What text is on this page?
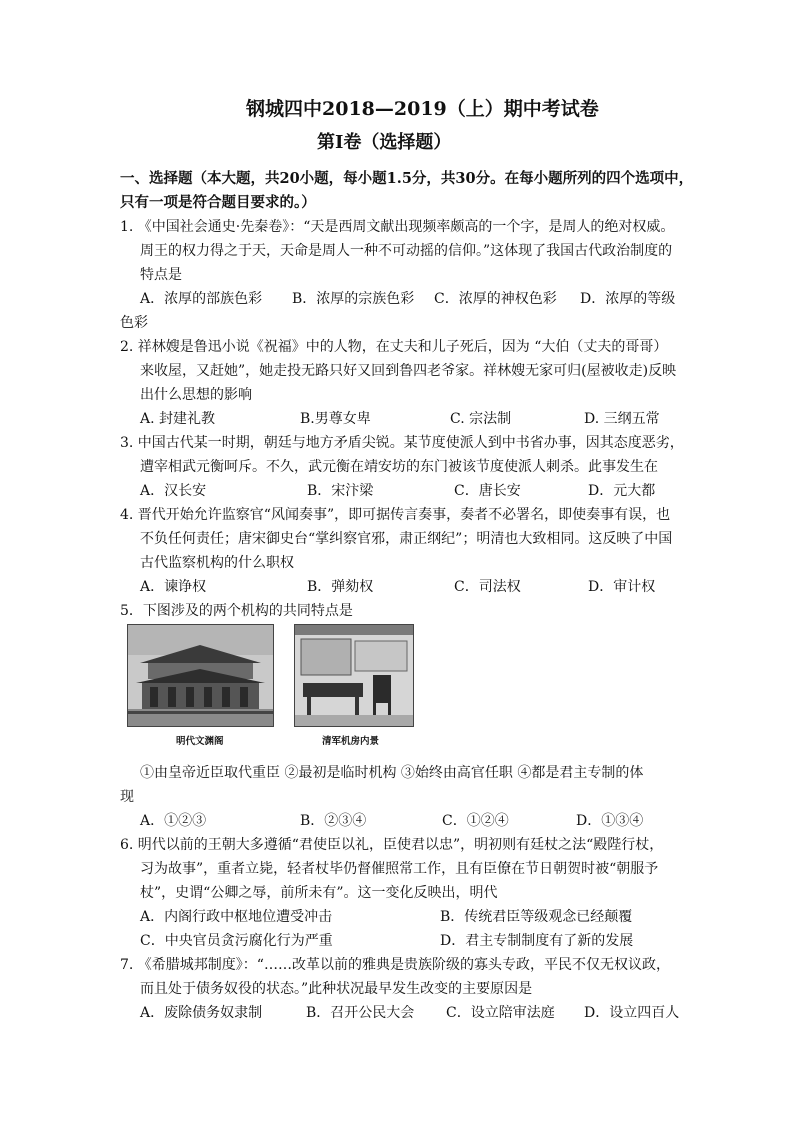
钢城四中2018—2019（上）期中考试卷
第Ⅰ卷（选择题）
一、选择题（本大题，共20小题，每小题1.5分，共30分。在每小题所列的四个选项中，
只有一项是符合题目要求的。）
1. 《中国社会通史·先秦卷》：“天是西周文献出现频率颇高的一个字，是周人的绝对权威。
周王的权力得之于天，天命是周人一种不可动摇的信仰。”这体现了我国古代政治制度的
特点是
A．浓厚的部族色彩 B．浓厚的宗族色彩 C．浓厚的神权色彩 D．浓厚的等级
色彩
2. 祥林嫂是鲁迅小说《祝福》中的人物，在丈夫和儿子死后，因为 “大伯（丈夫的哥哥）
来收屋，又赶她”，她走投无路只好又回到鲁四老爷家。祥林嫂无家可归(屋被收走)反映
出什么思想的影响
A. 封建礼教	B.男尊女卑	C. 宗法制	D. 三纲五常
3. 中国古代某一时期，朝廷与地方矛盾尖锐。某节度使派人到中书省办事，因其态度恶劣，
遭宰相武元衡呵斥。不久，武元衡在靖安坊的东门被该节度使派人刺杀。此事发生在
A．汉长安	B．宋汴梁	C．唐长安	D．元大都
4. 晋代开始允许监察官“风闻奏事”，即可据传言奏事，奏者不必署名，即使奏事有误，也
不负任何责任；唐宋御史台“掌纠察官邪，肃正纲纪”；明清也大致相同。这反映了中国
古代监察机构的什么职权
A．谏诤权	B．弹劾权	C．司法权	D．审计权
5．下图涉及的两个机构的共同特点是
明代文渊阁	清军机房内景
①由皇帝近臣取代重臣 ②最初是临时机构 ③始终由高官任职 ④都是君主专制的体
现
A．①②③	B．②③④	C．①②④	D．①③④
6. 明代以前的王朝大多遵循“君使臣以礼，臣使君以忠”，明初则有廷杖之法“殿陛行杖，
习为故事”，重者立毙，轻者杖毕仍督催照常工作，且有臣僚在节日朝贺时被“朝服予
杖”，史谓“公卿之辱，前所未有”。这一变化反映出，明代
A．内阁行政中枢地位遭受冲击	B．传统君臣等级观念已经颠覆
C．中央官员贪污腐化行为严重	D．君主专制制度有了新的发展
7. 《希腊城邦制度》：“……改革以前的雅典是贵族阶级的寡头专政，平民不仅无权议政，
而且处于债务奴役的状态。”此种状况最早发生改变的主要原因是
A．废除债务奴隶制	B．召开公民大会 C．设立陪审法庭 D．设立四百人
